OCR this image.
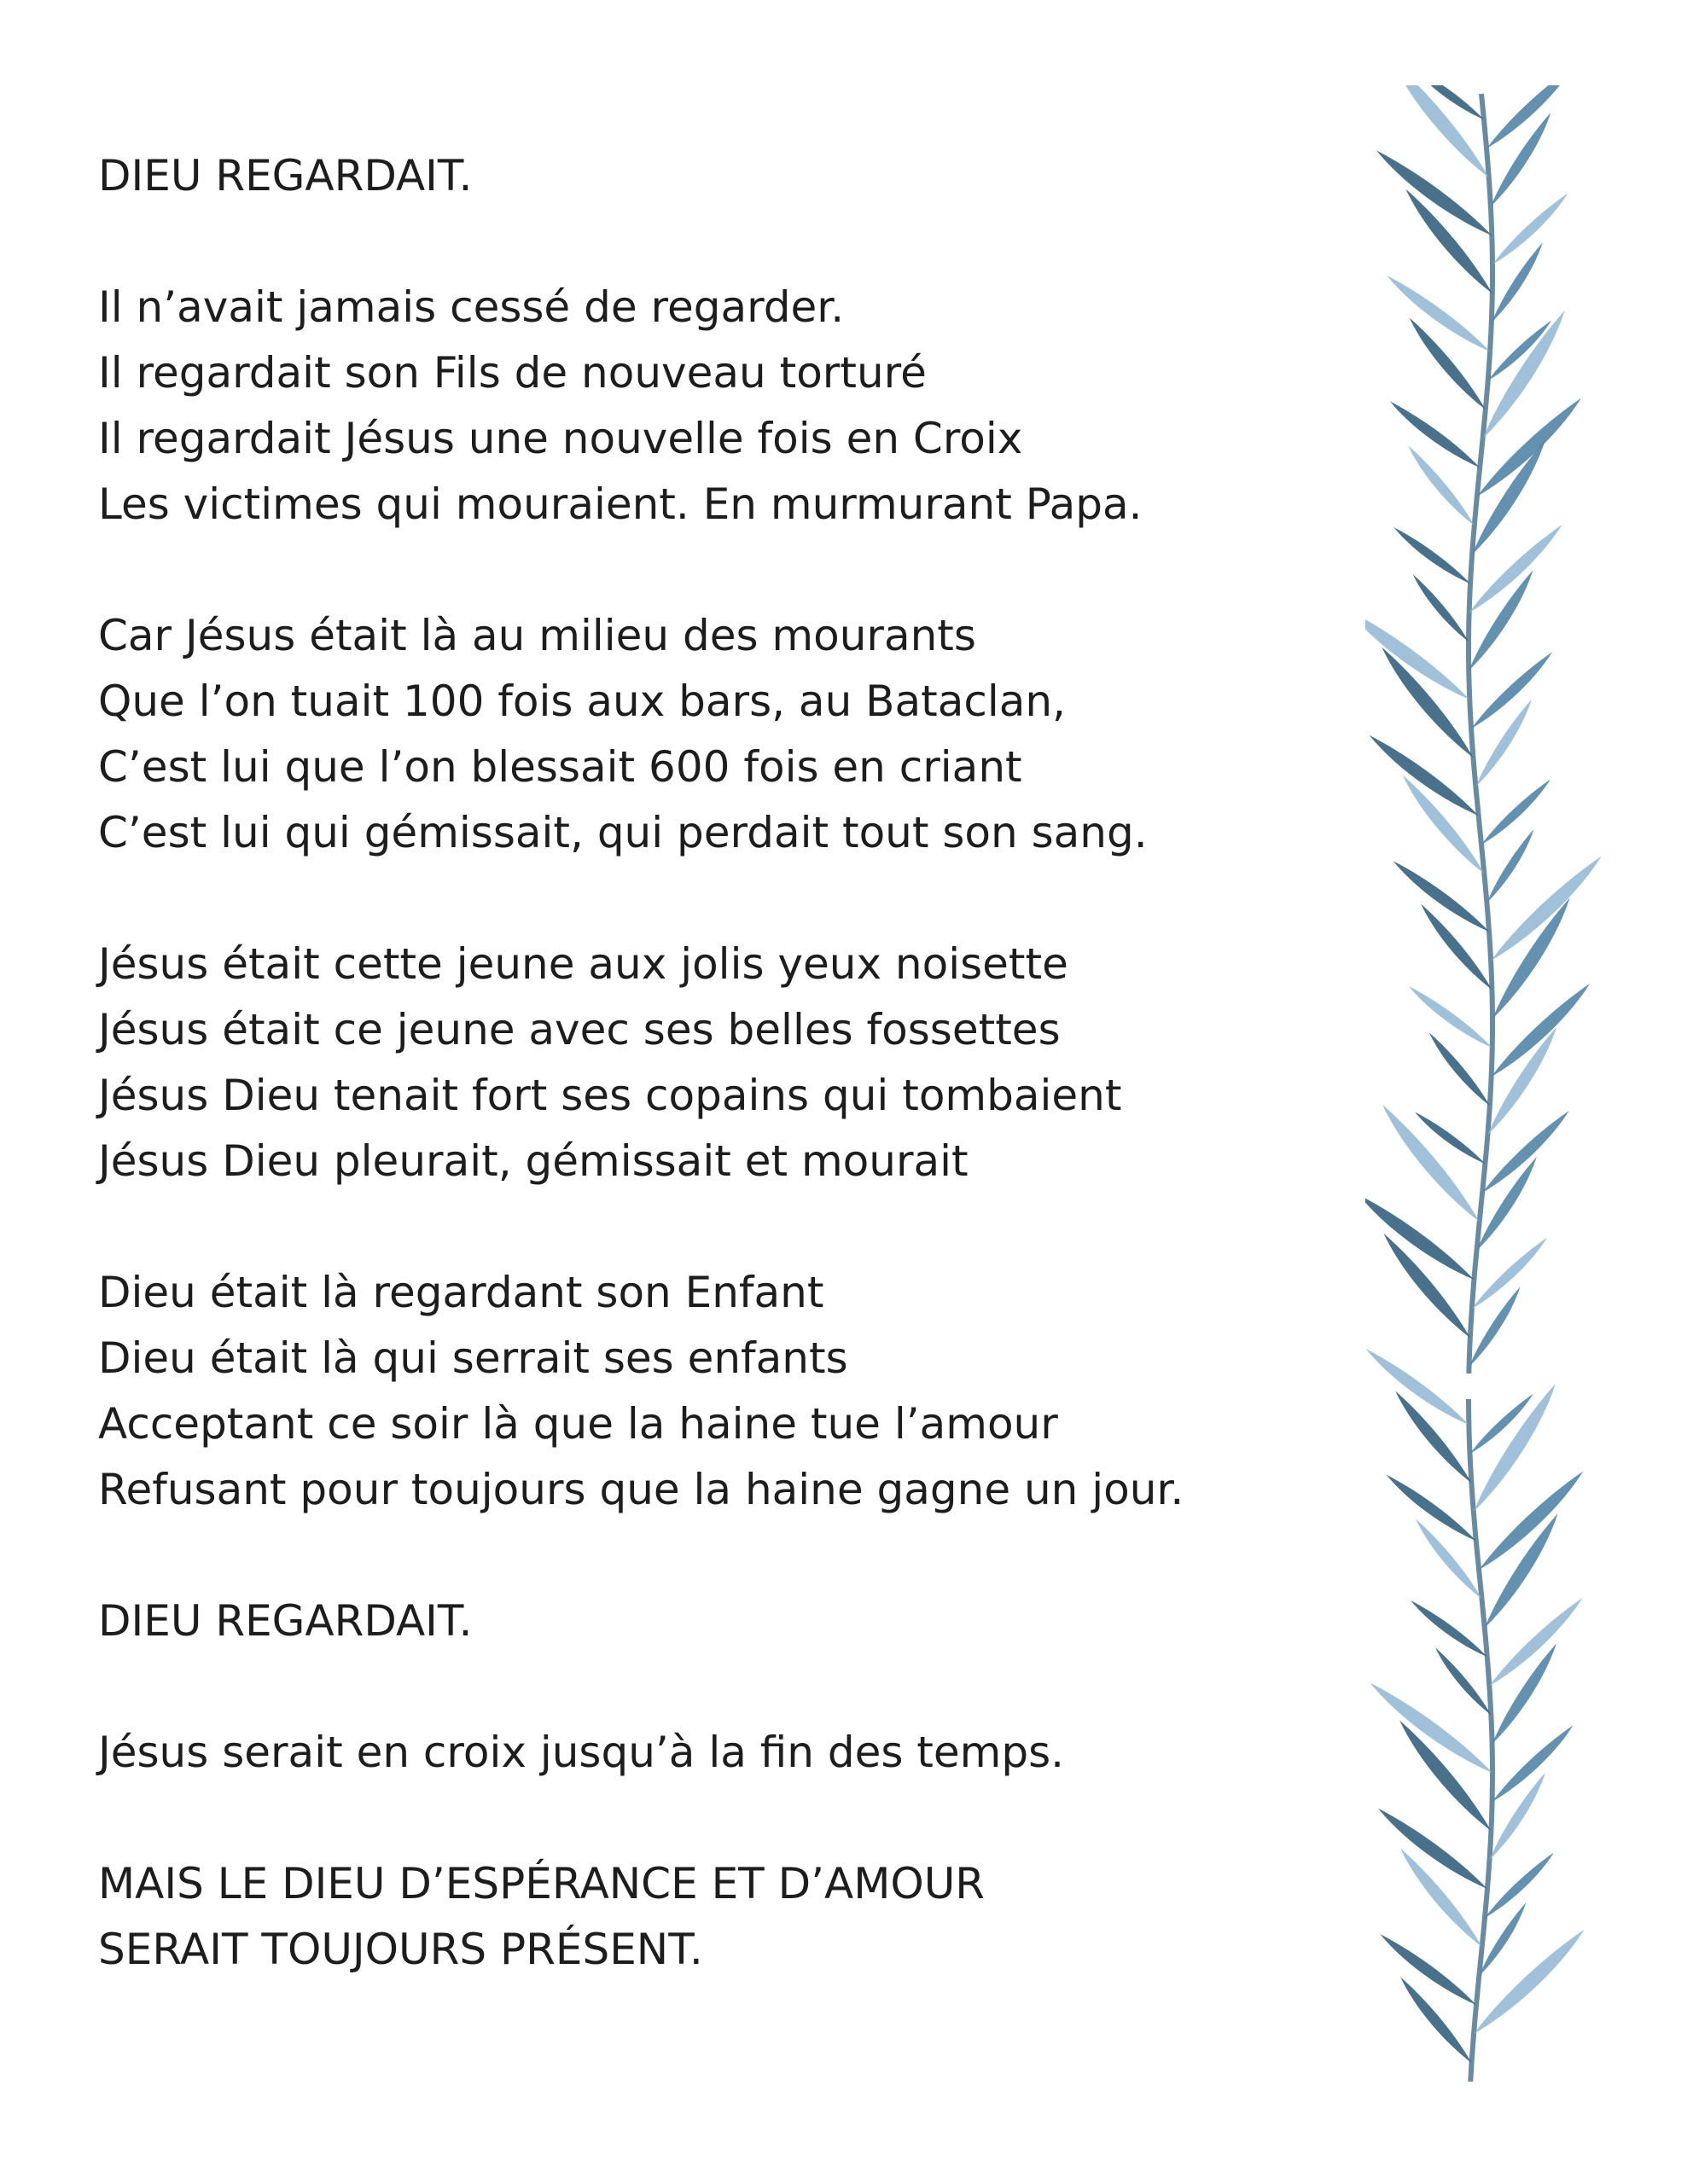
DIEU REGARDAIT.
Il n’avait jamais cessé de regarder.
Il regardait son Fils de nouveau torturé
Il regardait Jésus une nouvelle fois en Croix
Les victimes qui mouraient. En murmurant Papa.
Car Jésus était là au milieu des mourants
Que l’on tuait 100 fois aux bars, au Bataclan,
C’est lui que l’on blessait 600 fois en criant
C’est lui qui gémissait, qui perdait tout son sang.
Jésus était cette jeune aux jolis yeux noisette
Jésus était ce jeune avec ses belles fossettes
Jésus Dieu tenait fort ses copains qui tombaient
Jésus Dieu pleurait, gémissait et mourait
Dieu était là regardant son Enfant
Dieu était là qui serrait ses enfants
Acceptant ce soir là que la haine tue l’amour
Refusant pour toujours que la haine gagne un jour.
DIEU REGARDAIT.
Jésus serait en croix jusqu’à la fin des temps.
MAIS LE DIEU D’ESPÉRANCE ET D’AMOUR
SERAIT TOUJOURS PRÉSENT.
